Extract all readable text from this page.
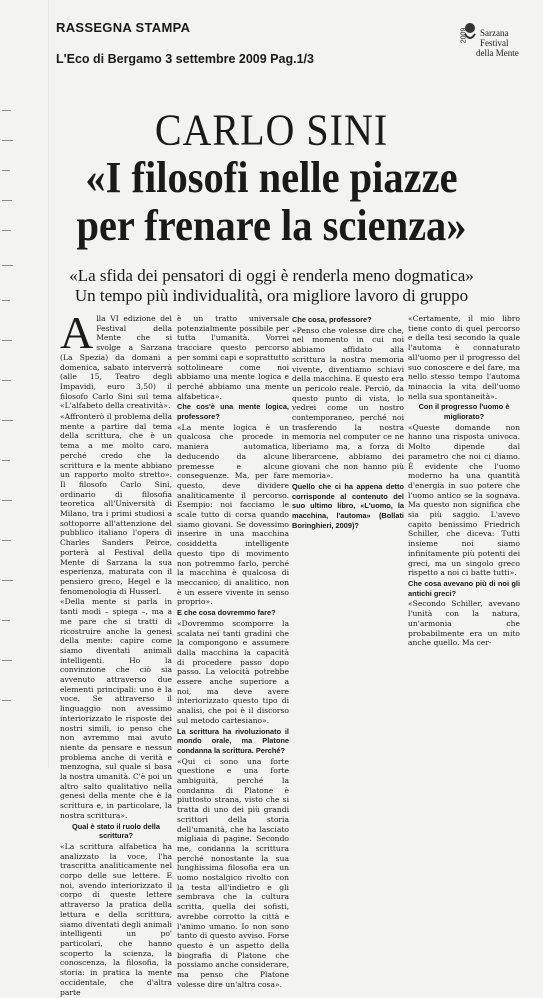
RASSEGNA STAMPA
L'Eco di Bergamo 3 settembre 2009 Pag.1/3
2009 Sarzana
Festival
della Mente
CARLO SINI
«I filosofi nelle piazze
per frenare la scienza»
«La sfida dei pensatori di oggi è renderla meno dogmatica»
Un tempo più individualità, ora migliore lavoro di gruppo

Alla VI edizione del Festival della Mente che si svolge a Sarzana (La Spezia) da domani a domenica, sabato interverrà (alle 15, Teatro degli Impavidi, euro 3,50) il filosofo Carlo Sini sul tema «L'alfabeto della creatività».

«Affronterò il problema della mente a partire dal tema della scrittura, che è un tema a me molto caro, perché credo che la scrittura e la mente abbiano un rapporto molto stretto». Il filosofo Carlo Sini, ordinario di filosofia teoretica all'Università di Milano, tra i primi studiosi a sottoporre all'attenzione del pubblico italiano l'opera di Charles Sanders Peirce, porterà al Festival della Mente di Sarzana la sua esperienza, maturata con il pensiero greco, Hegel e la fenomenologia di Husserl.

«Della mente si parla in tanti modi – spiega –, ma a me pare che si tratti di ricostruire anche la genesi della mente: capire come siamo diventati animali intelligenti. Ho la convinzione che ciò sia avvenuto attraverso due elementi principali: uno è la voce. Se attraverso il linguaggio non avessimo interiorizzato le risposte dei nostri simili, io penso che non avremmo mai avuto niente da pensare e nessun problema anche di verità e menzogna, sul quale si basa la nostra umanità. C'è poi un altro salto qualitativo nella genesi della mente che è la scrittura e, in particolare, la nostra scrittura».

Qual è stato il ruolo della scrittura?

«La scrittura alfabetica ha analizzato la voce, l'ha trascritta analiticamente nel corpo delle sue lettere. E noi, avendo interiorizzato il corpo di queste lettere attraverso la pratica della lettura e della scrittura, siamo diventati degli animali intelligenti un po' particolari, che hanno scoperto la scienza, la conoscenza, la filosofia, la storia: in pratica la mente occidentale, che d'altra parte

è un tratto universale potenzialmente possibile per tutta l'umanità. Vorrei tracciare questo percorso per sommi capi e soprattutto sottolineare come noi abbiamo una mente logica e perché abbiamo una mente alfabetica».

Che cos'è una mente logica, professore?

«La mente logica è un qualcosa che procede in maniera automatica, deducendo da alcune premesse e alcune conseguenze. Ma, per fare questo, deve dividere analiticamente il percorso. Esempio: noi facciamo le scale tutto di corsa quando siamo giovani. Se dovessimo inserire in una macchina cosiddetta intelligente questo tipo di movimento non potremmo farlo, perché la macchina è qualcosa di meccanico, di analitico, non è un essere vivente in senso proprio».

E che cosa dovremmo fare?

«Dovremmo scomporre la scalata nei tanti gradini che la compongono e assumere dalla macchina la capacità di procedere passo dopo passo. La velocità potrebbe essere anche superiore a noi, ma deve avere interiorizzato questo tipo di analisi, che poi è il discorso sul metodo cartesiano».

La scrittura ha rivoluzionato il mondo orale, ma Platone condanna la scrittura. Perché?

«Qui ci sono una forte questione e una forte ambiguità, perché la condanna di Platone è piuttosto strana, visto che si tratta di uno dei più grandi scrittori della storia dell'umanità, che ha lasciato migliaia di pagine. Secondo me, condanna la scrittura perché nonostante la sua lunghissima filosofia era un uomo nostalgico rivolto con la testa all'indietro e gli sembrava che la cultura scritta, quella dei sofisti, avrebbe corrotto la città e l'animo umano. Io non sono tanto di questo avviso. Forse questo è un aspetto della biografia di Platone che possiamo anche considerare, ma penso che Platone volesse dire un'altra cosa».

Che cosa, professore?

«Penso che volesse dire che, nel momento in cui noi abbiamo affidato alla scrittura la nostra memoria vivente, diventiamo schiavi della macchina. E questo era un pericolo reale. Perciò, da questo punto di vista, lo vedrei come un nostro contemporaneo, perché noi trasferendo la nostra memoria nel computer ce ne liberiamo ma, a forza di liberarcene, abbiamo dei giovani che non hanno più memoria».

Quello che ci ha appena detto corrisponde al contenuto del suo ultimo libro, «L'uomo, la macchina, l'automa» (Bollati Boringhieri, 2009)?

«Certamente, il mio libro tiene conto di quel percorso e della tesi secondo la quale l'automa è connaturato all'uomo per il progresso del suo conoscere e del fare, ma nello stesso tempo l'automa minaccia la vita dell'uomo nella sua spontaneità».

Con il progresso l'uomo è migliorato?

«Queste domande non hanno una risposta univoca. Molto dipende dal parametro che noi ci diamo. È evidente che l'uomo moderno ha una quantità d'energia in suo potere che l'uomo antico se la sognava. Ma questo non significa che sia più saggio. L'avevo capito benissimo Friedrich Schiller, che diceva: Tutti insieme noi siamo infinitamente più potenti dei greci, ma un singolo greco rispetto a noi ci batte tutti».

Che cosa avevano più di noi gli antichi greci?

«Secondo Schiller, avevano l'unità con la natura, un'armonia che probabilmente era un mito anche quello. Ma cer-
